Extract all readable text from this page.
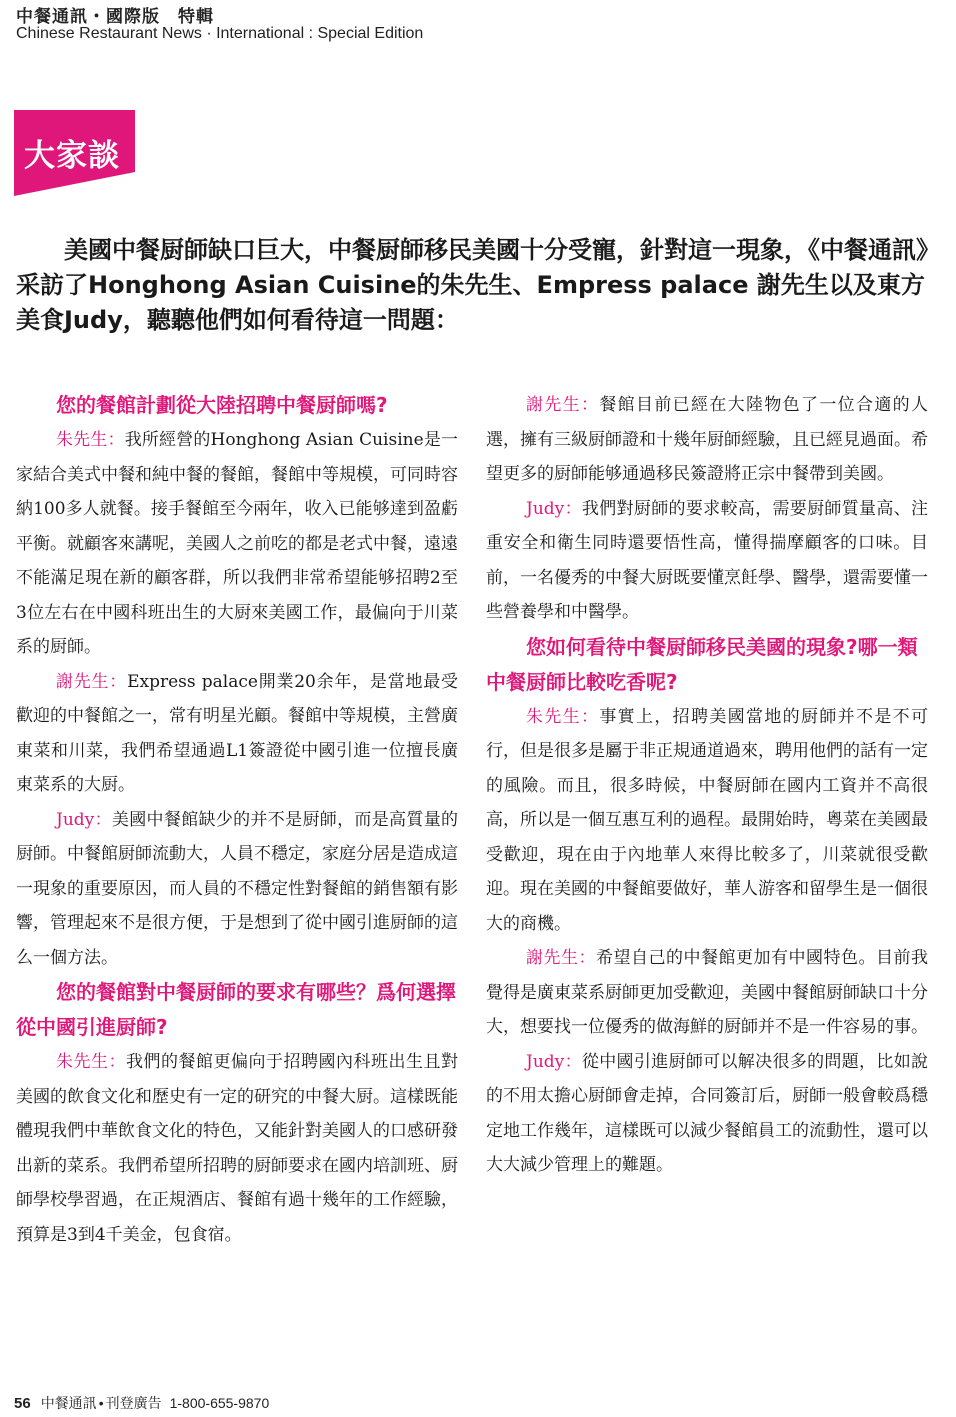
中餐通訊・國際版　特輯
Chinese Restaurant News · International : Special Edition
大家談

美國中餐厨師缺口巨大，中餐厨師移民美國十分受寵，針對這一現象，《中餐通訊》采訪了Honghong Asian Cuisine的朱先生、Empress palace 謝先生以及東方美食Judy，聽聽他們如何看待這一問題：

您的餐館計劃從大陸招聘中餐厨師嗎?

朱先生：我所經營的Honghong Asian Cuisine是一家結合美式中餐和純中餐的餐館，餐館中等規模，可同時容納100多人就餐。接手餐館至今兩年，收入已能够達到盈虧平衡。就顧客來講呢，美國人之前吃的都是老式中餐，遠遠不能滿足現在新的顧客群，所以我們非常希望能够招聘2至3位左右在中國科班出生的大厨來美國工作，最偏向于川菜系的厨師。

謝先生：Express palace開業20余年，是當地最受歡迎的中餐館之一，常有明星光顧。餐館中等規模，主營廣東菜和川菜，我們希望通過L1簽證從中國引進一位擅長廣東菜系的大厨。

Judy：美國中餐館缺少的并不是厨師，而是高質量的厨師。中餐館厨師流動大，人員不穩定，家庭分居是造成這一現象的重要原因，而人員的不穩定性對餐館的銷售額有影響，管理起來不是很方便，于是想到了從中國引進厨師的這么一個方法。

您的餐館對中餐厨師的要求有哪些？爲何選擇從中國引進厨師?

朱先生：我們的餐館更偏向于招聘國內科班出生且對美國的飲食文化和歷史有一定的研究的中餐大厨。這樣既能體現我們中華飲食文化的特色，又能針對美國人的口感研發出新的菜系。我們希望所招聘的厨師要求在國内培訓班、厨師學校學習過，在正規酒店、餐館有過十幾年的工作經驗，預算是3到4千美金，包食宿。

謝先生：餐館目前已經在大陸物色了一位合適的人選，擁有三級厨師證和十幾年厨師經驗，且已經見過面。希望更多的厨師能够通過移民簽證將正宗中餐帶到美國。

Judy：我們對厨師的要求較高，需要厨師質量高、注重安全和衛生同時還要悟性高，懂得揣摩顧客的口味。目前，一名優秀的中餐大厨既要懂烹飪學、醫學，還需要懂一些營養學和中醫學。

您如何看待中餐厨師移民美國的現象?哪一類中餐厨師比較吃香呢?

朱先生：事實上，招聘美國當地的厨師并不是不可行，但是很多是屬于非正規通道過來，聘用他們的話有一定的風險。而且，很多時候，中餐厨師在國内工資并不高很高，所以是一個互惠互利的過程。最開始時，粵菜在美國最受歡迎，現在由于內地華人來得比較多了，川菜就很受歡迎。現在美國的中餐館要做好，華人游客和留學生是一個很大的商機。

謝先生：希望自己的中餐館更加有中國特色。目前我覺得是廣東菜系厨師更加受歡迎，美國中餐館厨師缺口十分大，想要找一位優秀的做海鮮的厨師并不是一件容易的事。

Judy：從中國引進厨師可以解决很多的問題，比如說的不用太擔心厨師會走掉，合同簽訂后，厨師一般會較爲穩定地工作幾年，這樣既可以減少餐館員工的流動性，還可以大大減少管理上的難題。

56 中餐通訊 • 刊登廣告 1-800-655-9870
